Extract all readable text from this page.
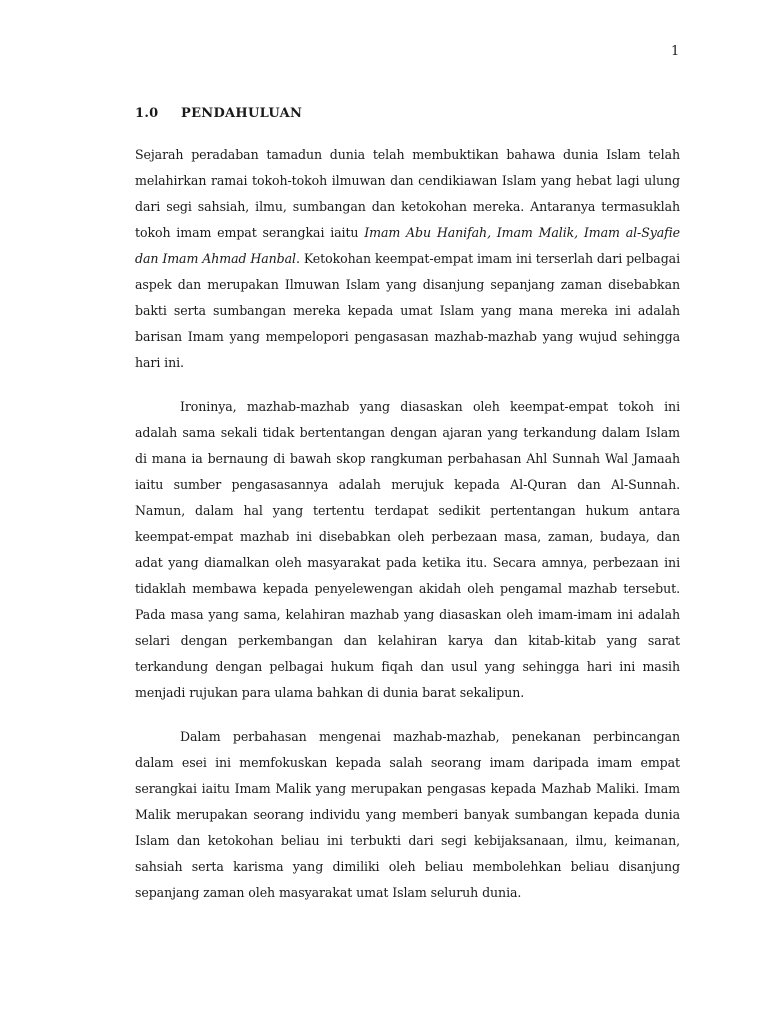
1
1.0 PENDAHULUAN

Sejarah peradaban tamadun dunia telah membuktikan bahawa dunia Islam telah melahirkan ramai tokoh-tokoh ilmuwan dan cendikiawan Islam yang hebat lagi ulung dari segi sahsiah, ilmu, sumbangan dan ketokohan mereka. Antaranya termasuklah tokoh imam empat serangkai iaitu Imam Abu Hanifah, Imam Malik, Imam al-Syafie dan Imam Ahmad Hanbal. Ketokohan keempat-empat imam ini terserlah dari pelbagai aspek dan merupakan Ilmuwan Islam yang disanjung sepanjang zaman disebabkan bakti serta sumbangan mereka kepada umat Islam yang mana mereka ini adalah barisan Imam yang mempelopori pengasasan mazhab-mazhab yang wujud sehingga hari ini.

Ironinya, mazhab-mazhab yang diasaskan oleh keempat-empat tokoh ini adalah sama sekali tidak bertentangan dengan ajaran yang terkandung dalam Islam di mana ia bernaung di bawah skop rangkuman perbahasan Ahl Sunnah Wal Jamaah iaitu sumber pengasasannya adalah merujuk kepada Al-Quran dan Al-Sunnah. Namun, dalam hal yang tertentu terdapat sedikit pertentangan hukum antara keempat-empat mazhab ini disebabkan oleh perbezaan masa, zaman, budaya, dan adat yang diamalkan oleh masyarakat pada ketika itu. Secara amnya, perbezaan ini tidaklah membawa kepada penyelewengan akidah oleh pengamal mazhab tersebut. Pada masa yang sama, kelahiran mazhab yang diasaskan oleh imam-imam ini adalah selari dengan perkembangan dan kelahiran karya dan kitab-kitab yang sarat terkandung dengan pelbagai hukum fiqah dan usul yang sehingga hari ini masih menjadi rujukan para ulama bahkan di dunia barat sekalipun.

Dalam perbahasan mengenai mazhab-mazhab, penekanan perbincangan dalam esei ini memfokuskan kepada salah seorang imam daripada imam empat serangkai iaitu Imam Malik yang merupakan pengasas kepada Mazhab Maliki. Imam Malik merupakan seorang individu yang memberi banyak sumbangan kepada dunia Islam dan ketokohan beliau ini terbukti dari segi kebijaksanaan, ilmu, keimanan, sahsiah serta karisma yang dimiliki oleh beliau membolehkan beliau disanjung sepanjang zaman oleh masyarakat umat Islam seluruh dunia.
